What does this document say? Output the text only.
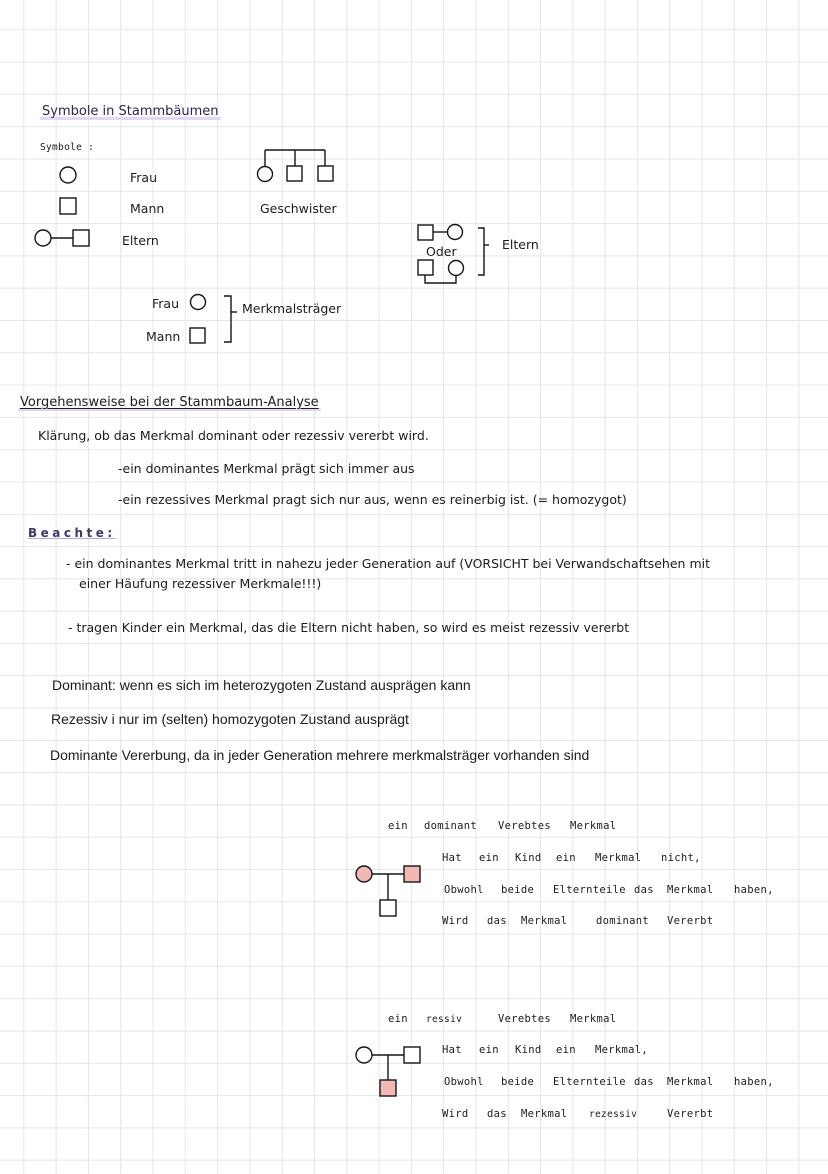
Symbole in Stammbäumen
Symbole :
Frau
Mann
Eltern
Geschwister
Oder	Eltern
Frau
Mann
Merkmalsträger
Vorgehensweise bei der Stammbaum-Analyse
Klärung, ob das Merkmal dominant oder rezessiv vererbt wird.
-ein dominantes Merkmal prägt sich immer aus
-ein rezessives Merkmal pragt sich nur aus, wenn es reinerbig ist. (= homozygot)
Beachte:
- ein dominantes Merkmal tritt in nahezu jeder Generation auf (VORSICHT bei Verwandschaftsehen mit
einer Häufung rezessiver Merkmale!!!)
- tragen Kinder ein Merkmal, das die Eltern nicht haben, so wird es meist rezessiv vererbt
Dominant: wenn es sich im heterozygoten Zustand ausprägen kann
Rezessiv i nur im (selten) homozygoten Zustand ausprägt
Dominante Vererbung, da in jeder Generation mehrere merkmalsträger vorhanden sind
ein dominant Verebtes Merkmal
Hat ein Kind ein Merkmal nicht,
Obwohl beide Elternteile das Merkmal haben,
Wird das Merkmal	dominant Vererbt
ein ressiv	Verebtes Merkmal
Hat ein Kind ein Merkmal,
Obwohl beide Elternteile das Merkmal haben,
Wird das Merkmal rezessiv	Vererbt
